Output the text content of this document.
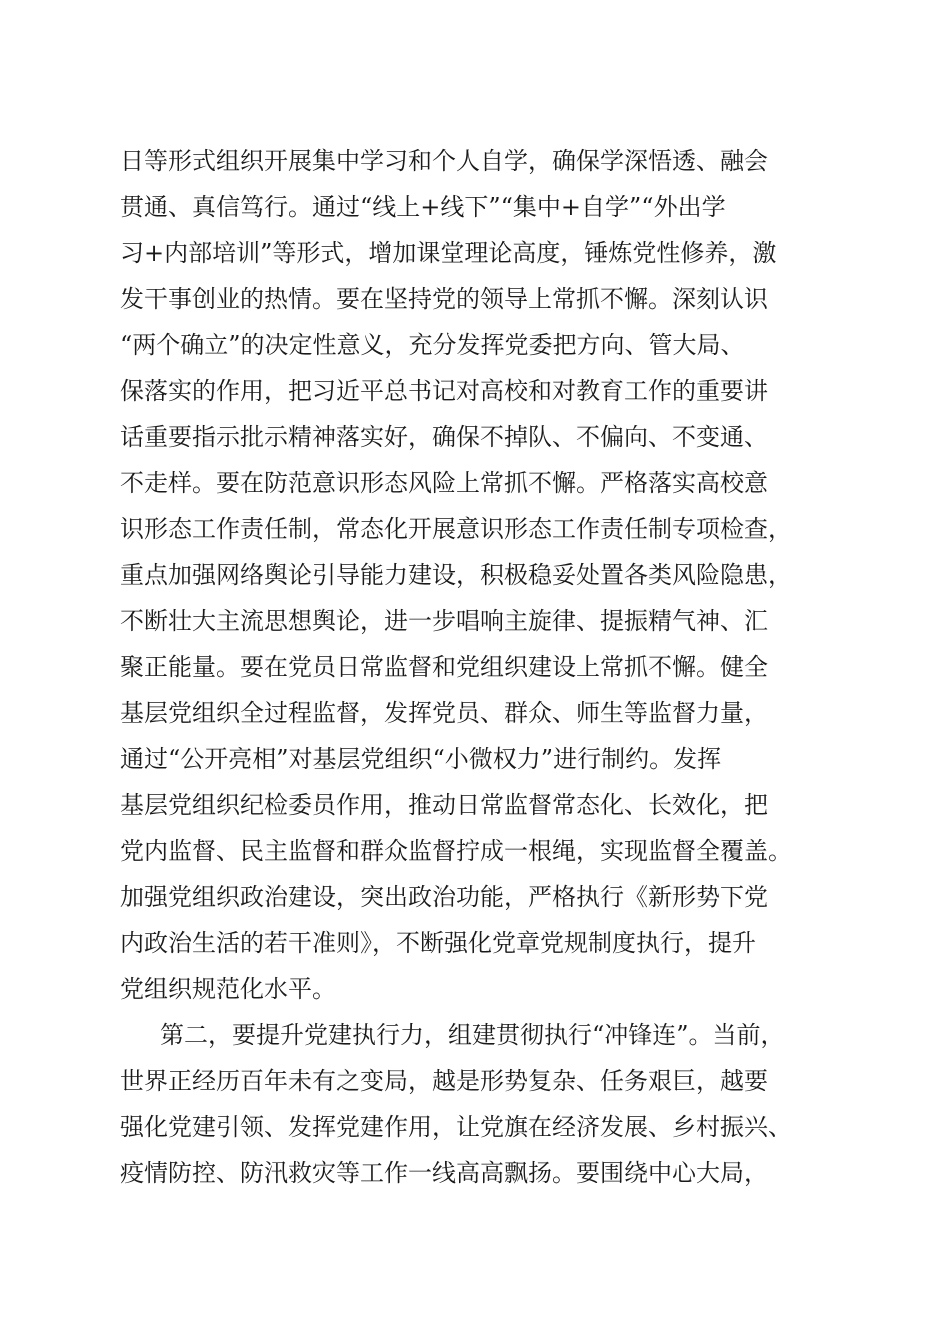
日等形式组织开展集中学习和个人自学，确保学深悟透、融会
贯通、真信笃行。通过“线上+线下”“集中+自学”“外出学
习+内部培训”等形式，增加课堂理论高度，锤炼党性修养，激
发干事创业的热情。要在坚持党的领导上常抓不懈。深刻认识
“两个确立”的决定性意义，充分发挥党委把方向、管大局、
保落实的作用，把习近平总书记对高校和对教育工作的重要讲
话重要指示批示精神落实好，确保不掉队、不偏向、不变通、
不走样。要在防范意识形态风险上常抓不懈。严格落实高校意
识形态工作责任制，常态化开展意识形态工作责任制专项检查，
重点加强网络舆论引导能力建设，积极稳妥处置各类风险隐患，
不断壮大主流思想舆论，进一步唱响主旋律、提振精气神、汇
聚正能量。要在党员日常监督和党组织建设上常抓不懈。健全
基层党组织全过程监督，发挥党员、群众、师生等监督力量，
通过“公开亮相”对基层党组织“小微权力”进行制约。发挥
基层党组织纪检委员作用，推动日常监督常态化、长效化，把
党内监督、民主监督和群众监督拧成一根绳，实现监督全覆盖。
加强党组织政治建设，突出政治功能，严格执行《新形势下党
内政治生活的若干准则》，不断强化党章党规制度执行，提升
党组织规范化水平。
第二，要提升党建执行力，组建贯彻执行“冲锋连”。当前，
世界正经历百年未有之变局，越是形势复杂、任务艰巨，越要
强化党建引领、发挥党建作用，让党旗在经济发展、乡村振兴、
疫情防控、防汛救灾等工作一线高高飘扬。要围绕中心大局，
